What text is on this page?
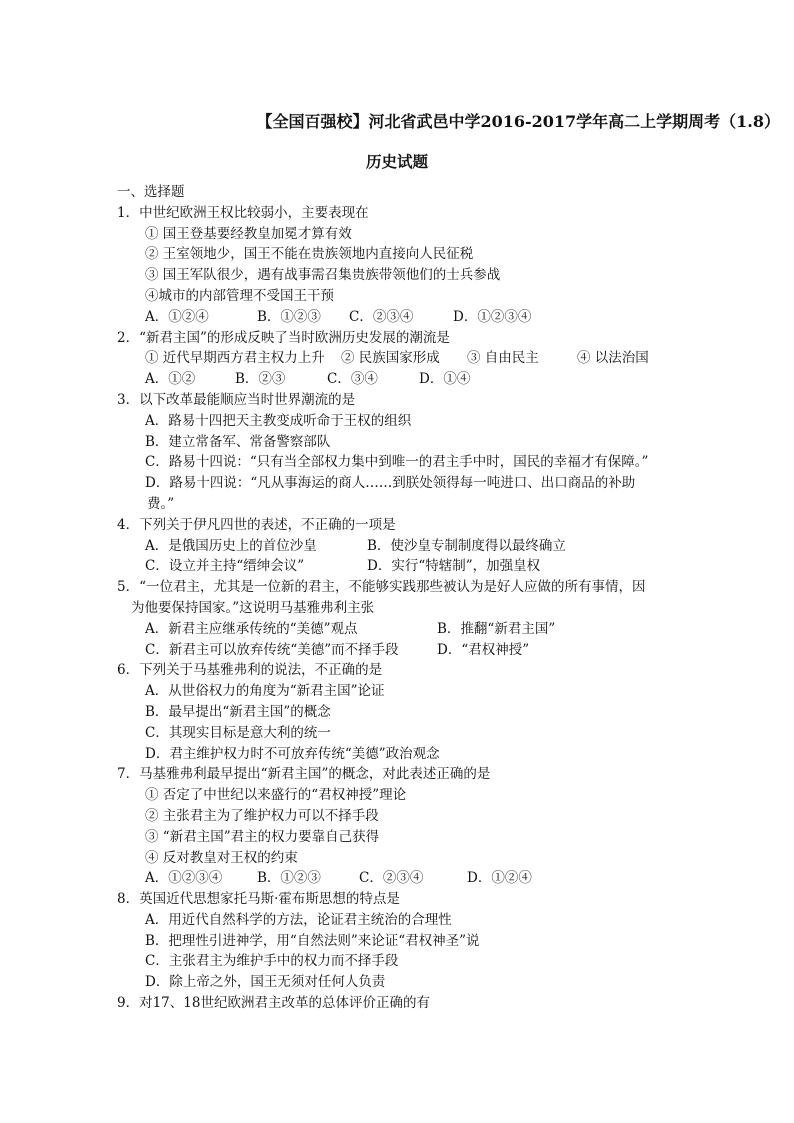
【全国百强校】河北省武邑中学2016-2017学年高二上学期周考（1.8）
历史试题
一、选择题
1．中世纪欧洲王权比较弱小，主要表现在
① 国王登基要经教皇加冕才算有效
② 王室领地少，国王不能在贵族领地内直接向人民征税
③ 国王军队很少，遇有战事需召集贵族带领他们的士兵参战
④城市的内部管理不受国王干预
A．①②④	B．①②③ C．②③④	D．①②③④
2．“新君主国”的形成反映了当时欧洲历史发展的潮流是
① 近代早期西方君主权力上升 ② 民族国家形成 ③ 自由民主	④ 以法治国
A．①②	B．②③	C．③④	D．①④
3．以下改革最能顺应当时世界潮流的是
A．路易十四把天主教变成听命于王权的组织
B．建立常备军、常备警察部队
C．路易十四说：“只有当全部权力集中到唯一的君主手中时，国民的幸福才有保障。”
D．路易十四说：“凡从事海运的商人……到朕处领得每一吨进口、出口商品的补助
费。”
4．下列关于伊凡四世的表述，不正确的一项是
A．是俄国历史上的首位沙皇	B．使沙皇专制制度得以最终确立
C．设立并主持“缙绅会议”	D．实行“特辖制”，加强皇权
5．“一位君主，尤其是一位新的君主，不能够实践那些被认为是好人应做的所有事情，因
为他要保持国家。”这说明马基雅弗利主张
A．新君主应继承传统的“美德”观点	B．推翻“新君主国”
C．新君主可以放弃传统“美德”而不择手段	D．“君权神授”
6．下列关于马基雅弗利的说法，不正确的是
A．从世俗权力的角度为“新君主国”论证
B．最早提出“新君主国”的概念
C．其现实目标是意大利的统一
D．君主维护权力时不可放弃传统“美德”政治观念
7．马基雅弗利最早提出“新君主国”的概念，对此表述正确的是
① 否定了中世纪以来盛行的“君权神授”理论
② 主张君主为了维护权力可以不择手段
③ “新君主国”君主的权力要靠自己获得
④ 反对教皇对王权的约束
A．①②③④	B．①②③	C．②③④	D．①②④
8．英国近代思想家托马斯·霍布斯思想的特点是
A．用近代自然科学的方法，论证君主统治的合理性
B．把理性引进神学，用“自然法则”来论证“君权神圣”说
C．主张君主为维护手中的权力而不择手段
D．除上帝之外，国王无须对任何人负责
9．对17、18世纪欧洲君主改革的总体评价正确的有
